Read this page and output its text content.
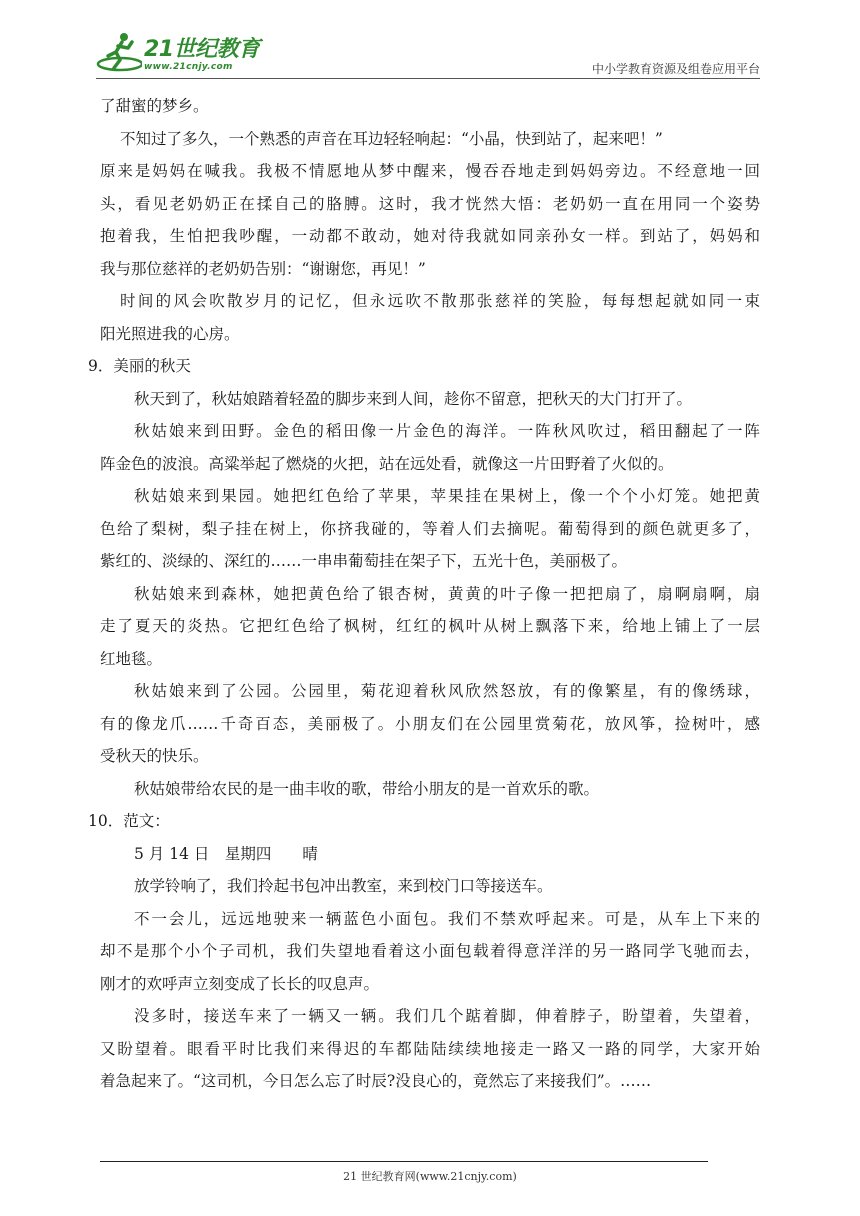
21世纪教育
www.21cnjy.com	中小学教育资源及组卷应用平台
了甜蜜的梦乡。
不知过了多久，一个熟悉的声音在耳边轻轻响起：“小晶，快到站了，起来吧！”
原来是妈妈在喊我。我极不情愿地从梦中醒来，慢吞吞地走到妈妈旁边。不经意地一回
头，看见老奶奶正在揉自己的胳膊。这时，我才恍然大悟：老奶奶一直在用同一个姿势
抱着我，生怕把我吵醒，一动都不敢动，她对待我就如同亲孙女一样。到站了，妈妈和
我与那位慈祥的老奶奶告别：“谢谢您，再见！”
时间的风会吹散岁月的记忆，但永远吹不散那张慈祥的笑脸，每每想起就如同一束
阳光照进我的心房。
9．美丽的秋天
秋天到了，秋姑娘踏着轻盈的脚步来到人间，趁你不留意，把秋天的大门打开了。
秋姑娘来到田野。金色的稻田像一片金色的海洋。一阵秋风吹过，稻田翻起了一阵
阵金色的波浪。高粱举起了燃烧的火把，站在远处看，就像这一片田野着了火似的。
秋姑娘来到果园。她把红色给了苹果，苹果挂在果树上，像一个个小灯笼。她把黄
色给了梨树，梨子挂在树上，你挤我碰的，等着人们去摘呢。葡萄得到的颜色就更多了，
紫红的、淡绿的、深红的……一串串葡萄挂在架子下，五光十色，美丽极了。
秋姑娘来到森林，她把黄色给了银杏树，黄黄的叶子像一把把扇了，扇啊扇啊，扇
走了夏天的炎热。它把红色给了枫树，红红的枫叶从树上飘落下来，给地上铺上了一层
红地毯。
秋姑娘来到了公园。公园里，菊花迎着秋风欣然怒放，有的像繁星，有的像绣球，
有的像龙爪……千奇百态，美丽极了。小朋友们在公园里赏菊花，放风筝，捡树叶，感
受秋天的快乐。
秋姑娘带给农民的是一曲丰收的歌，带给小朋友的是一首欢乐的歌。
10．范文：
5 月 14 日　星期四　　晴
放学铃响了，我们拎起书包冲出教室，来到校门口等接送车。
不一会儿，远远地驶来一辆蓝色小面包。我们不禁欢呼起来。可是，从车上下来的
却不是那个小个子司机，我们失望地看着这小面包载着得意洋洋的另一路同学飞驰而去，
刚才的欢呼声立刻变成了长长的叹息声。
没多时，接送车来了一辆又一辆。我们几个踮着脚，伸着脖子，盼望着，失望着，
又盼望着。眼看平时比我们来得迟的车都陆陆续续地接走一路又一路的同学，大家开始
着急起来了。“这司机，今日怎么忘了时辰?没良心的，竟然忘了来接我们”。……
21 世纪教育网(www.21cnjy.com)
